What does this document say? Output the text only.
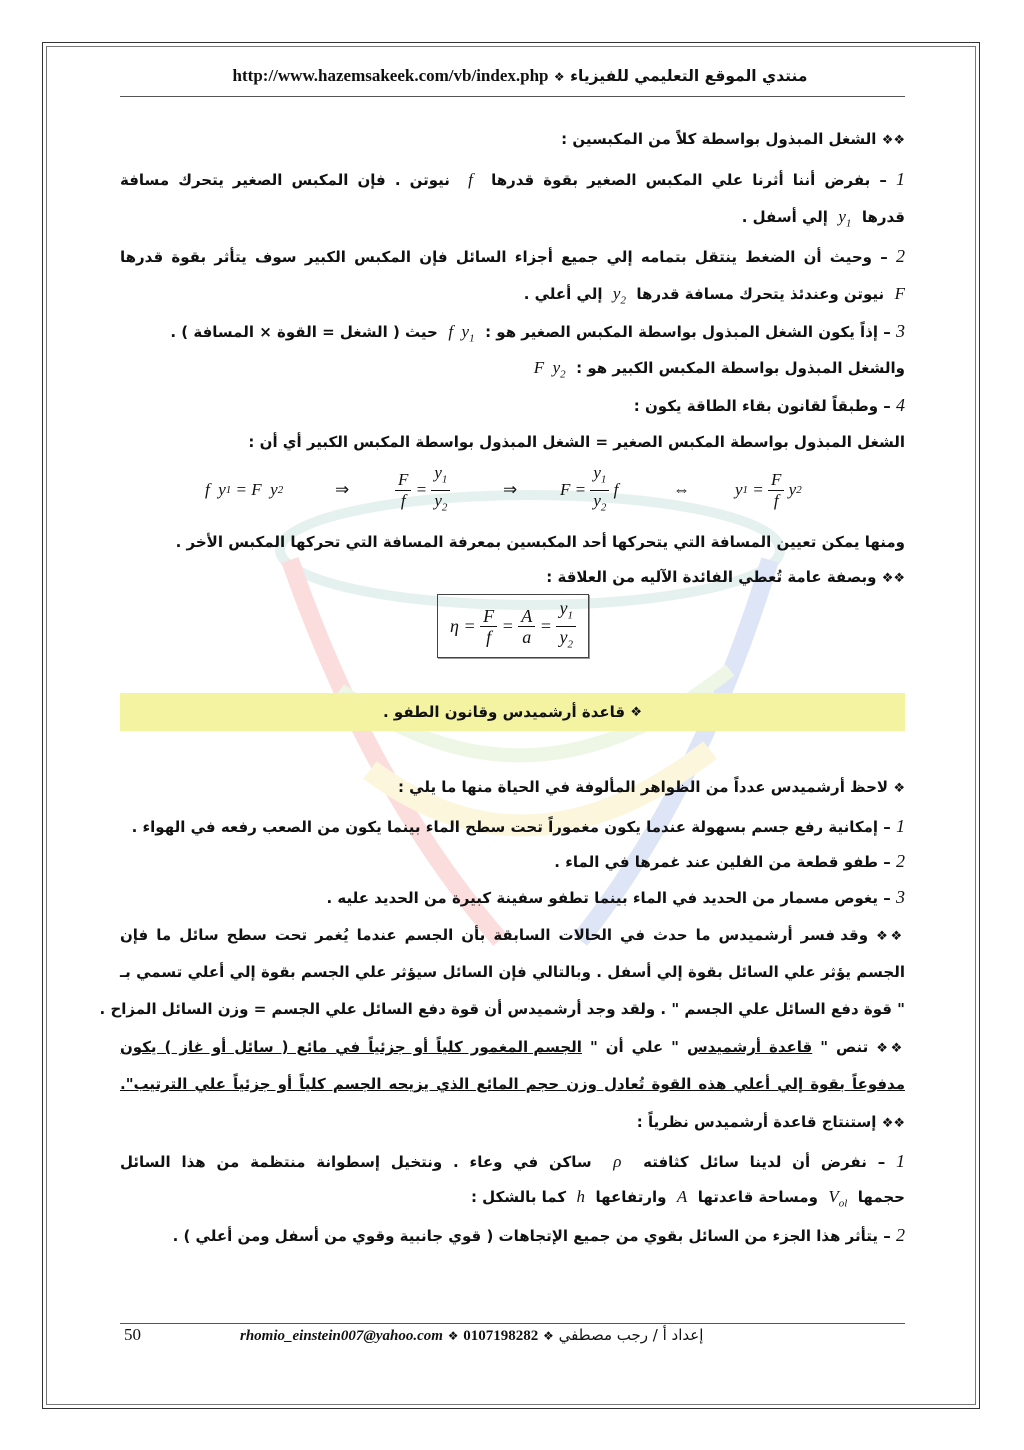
http://www.hazemsakeek.com/vb/index.php ❖ منتدي الموقع التعليمي للفيزياء
❖❖ الشغل المبذول بواسطة كلاً من المكبسين :
1 – بفرض أننا أثرنا علي المكبس الصغير بقوة قدرها  f  نيوتن . فإن المكبس الصغير يتحرك مسافة
قدرها  $y_1$  إلي أسفل .
2 – وحيث أن الضغط ينتقل بتمامه إلي جميع أجزاء السائل فإن المكبس الكبير سوف يتأثر بقوة قدرها
F  نيوتن وعندئذ يتحرك مسافة قدرها  $y_2$  إلي أعلي .
3 – إذاً يكون الشغل المبذول بواسطة المكبس الصغير هو :  f  $y_1$  حيث ( الشغل = القوة × المسافة ) .
والشغل المبذول بواسطة المكبس الكبير هو :  F  $y_2$
4 – وطبقاً لقانون بقاء الطاقة يكون :
الشغل المبذول بواسطة المكبس الصغير = الشغل المبذول بواسطة المكبس الكبير أي أن :
f  y 1 = F  y 2	⇒	$\frac{F}{f} = \frac{y_1}{y_2}$	⇒	$F = \frac{y_1}{y_2}$ f	⇔	y $1 = \frac{F}{f}$ y 2
ومنها يمكن تعيين المسافة التي يتحركها أحد المكبسين بمعرفة المسافة التي تحركها المكبس الأخر .
❖❖ وبصفة عامة تُعطي الفائدة الآليه من العلاقة :
$\eta = \frac{F}{f} = \frac{A}{a} = \frac{y_1}{y_2}$
❖

قاعدة أرشميدس وقانون الطفو .
❖ لاحظ أرشميدس عدداً من الظواهر المألوفة في الحياة منها ما يلي :
1 – إمكانية رفع جسم بسهولة عندما يكون مغموراً تحت سطح الماء بينما يكون من الصعب رفعه في الهواء .
2 – طفو قطعة من الفلين عند غمرها في الماء .
3 – يغوص مسمار من الحديد في الماء بينما تطفو سفينة كبيرة من الحديد عليه .
❖❖ وقد فسر أرشميدس ما حدث في الحالات السابقة بأن الجسم عندما يُغمر تحت سطح سائل ما فإن
الجسم يؤثر علي السائل بقوة إلي أسفل . وبالتالي فإن السائل سيؤثر علي الجسم بقوة إلي أعلي تسمي بـ
" قوة دفع السائل علي الجسم " . ولقد وجد أرشميدس أن قوة دفع السائل علي الجسم = وزن السائل المزاح .
❖❖ تنص " قاعدة أرشميدس " علي أن " الجسم المغمور كلياً أو جزئياً في مائع ( سائل أو غاز ) يكون
مدفوعاً بقوة إلي أعلي هذه القوة تُعادل وزن حجم المائع الذي يزيحه الجسم كلياً أو جزئياً علي الترتيب".
❖❖ إستنتاج قاعدة أرشميدس نظرياً :
1 – نفرض أن لدينا سائل كثافته  ρ  ساكن في وعاء . ونتخيل إسطوانة منتظمة من هذا السائل
حجمها  $V_{ol}$  ومساحة قاعدتها  A  وارتفاعها  h  كما بالشكل :
2 – يتأثر هذا الجزء من السائل بقوي من جميع الإتجاهات ( قوي جانبية وقوي من أسفل ومن أعلي ) .
50	rhomio_einstein007@yahoo.com ❖ 0107198282 ❖ إعداد أ / رجب مصطفي
